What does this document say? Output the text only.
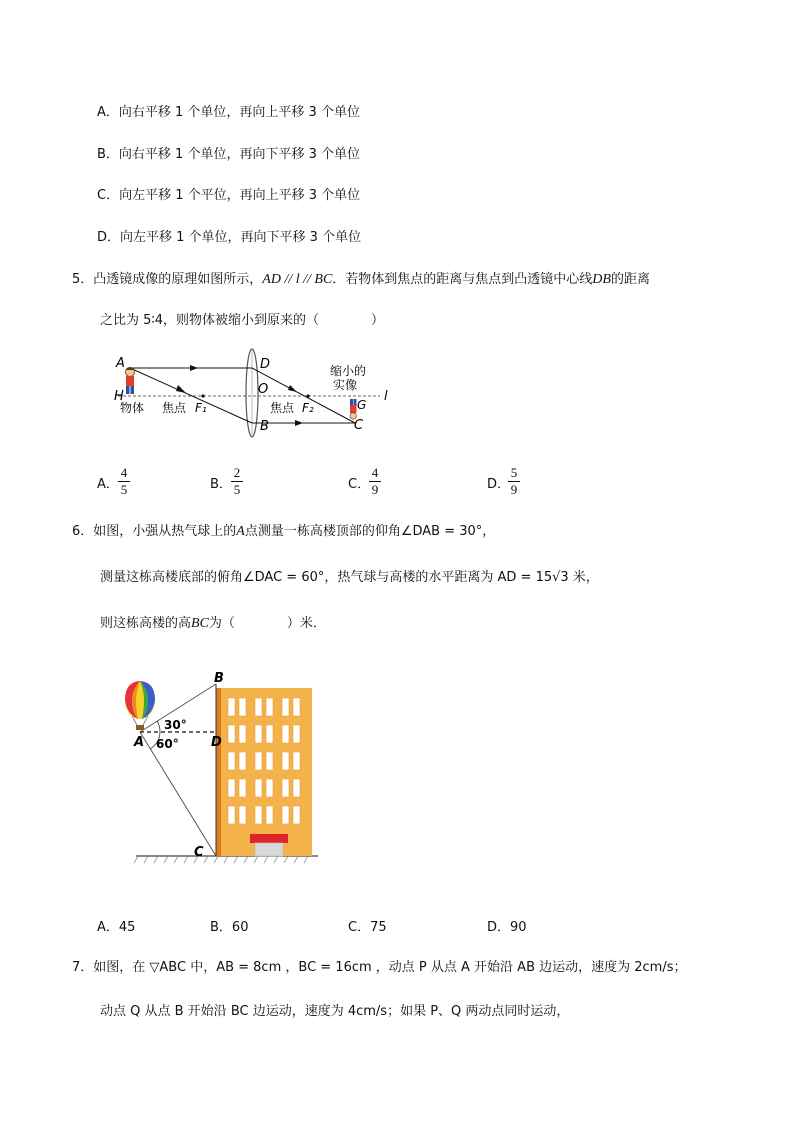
A．向右平移 1 个单位，再向上平移 3 个单位
B．向右平移 1 个单位，再向下平移 3 个单位
C．向左平移 1 个平位，再向上平移 3 个单位
D．向左平移 1 个单位，再向下平移 3 个单位
5．凸透镜成像的原理如图所示，AD // l // BC．若物体到焦点的距离与焦点到凸透镜中心线DB的距离
之比为 5∶4，则物体被缩小到原来的（　　　　）
A
H
D
O
B	C
G
l
物体 焦点 F₁	焦点 F₂
缩小的
实像
A．
4
5	B．
2
5	C．
4
9	D．
5
9
6．如图，小强从热气球上的A点测量一栋高楼顶部的仰角∠DAB = 30°，
测量这栋高楼底部的俯角∠DAC = 60°，热气球与高楼的水平距离为 AD = 15√3 米，
则这栋高楼的高BC为（　　　　）米．
B
A	D
C
30°
60°
A．45	B．60	C．75	D．90
7．如图，在 ▽ABC 中，AB = 8cm ，BC = 16cm ，动点 P 从点 A 开始沿 AB 边运动，速度为 2cm/s；
动点 Q 从点 B 开始沿 BC 边运动，速度为 4cm/s；如果 P、Q 两动点同时运动，
